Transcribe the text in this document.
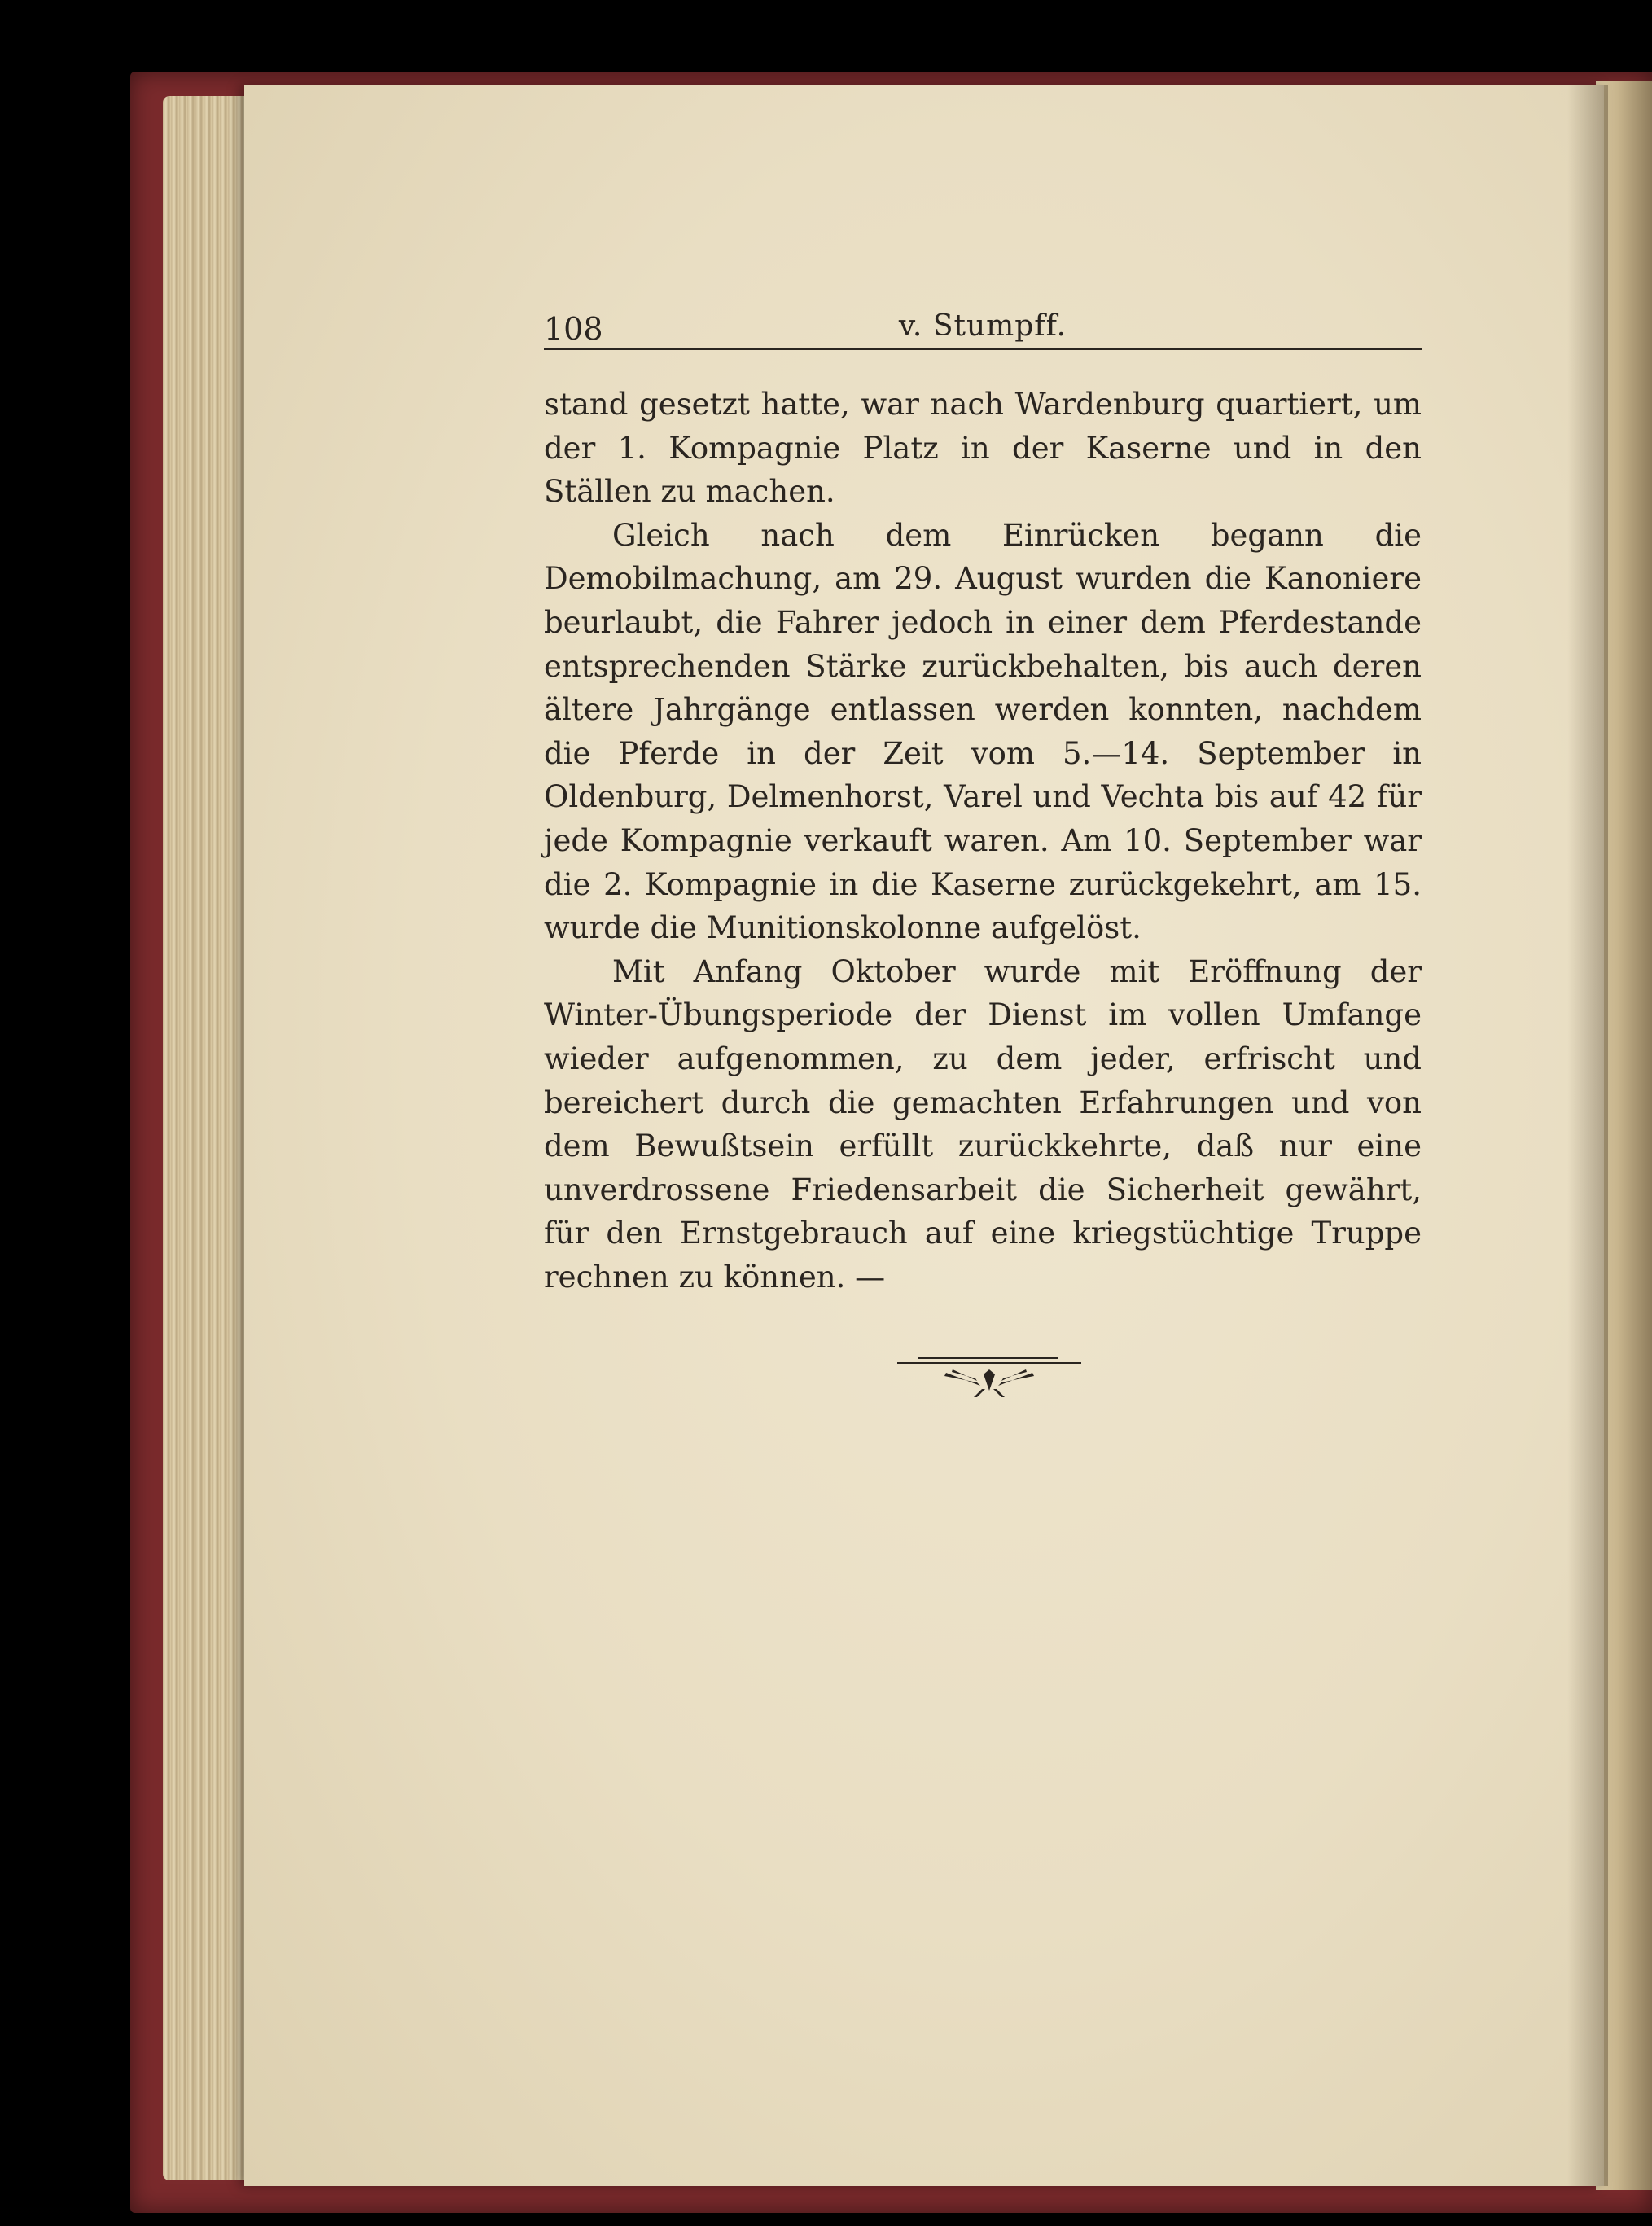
108	v. Stumpff.

stand gesetzt hatte, war nach Wardenburg quartiert, um der 1. Kompagnie Platz in der Kaserne und in den Ställen zu machen.

Gleich nach dem Einrücken begann die Demobilmachung, am 29. August wurden die Kanoniere beurlaubt, die Fahrer jedoch in einer dem Pferdestande entsprechenden Stärke zurückbehalten, bis auch deren ältere Jahrgänge entlassen werden konnten, nachdem die Pferde in der Zeit vom 5.—14. September in Oldenburg, Delmenhorst, Varel und Vechta bis auf 42 für jede Kompagnie verkauft waren. Am 10. September war die 2. Kompagnie in die Kaserne zurückgekehrt, am 15. wurde die Munitionskolonne aufgelöst.

Mit Anfang Oktober wurde mit Eröffnung der Winter-Übungsperiode der Dienst im vollen Umfange wieder aufgenommen, zu dem jeder, erfrischt und bereichert durch die gemachten Erfahrungen und von dem Bewußtsein erfüllt zurückkehrte, daß nur eine unverdrossene Friedensarbeit die Sicherheit gewährt, für den Ernstgebrauch auf eine kriegstüchtige Truppe rechnen zu können. —
